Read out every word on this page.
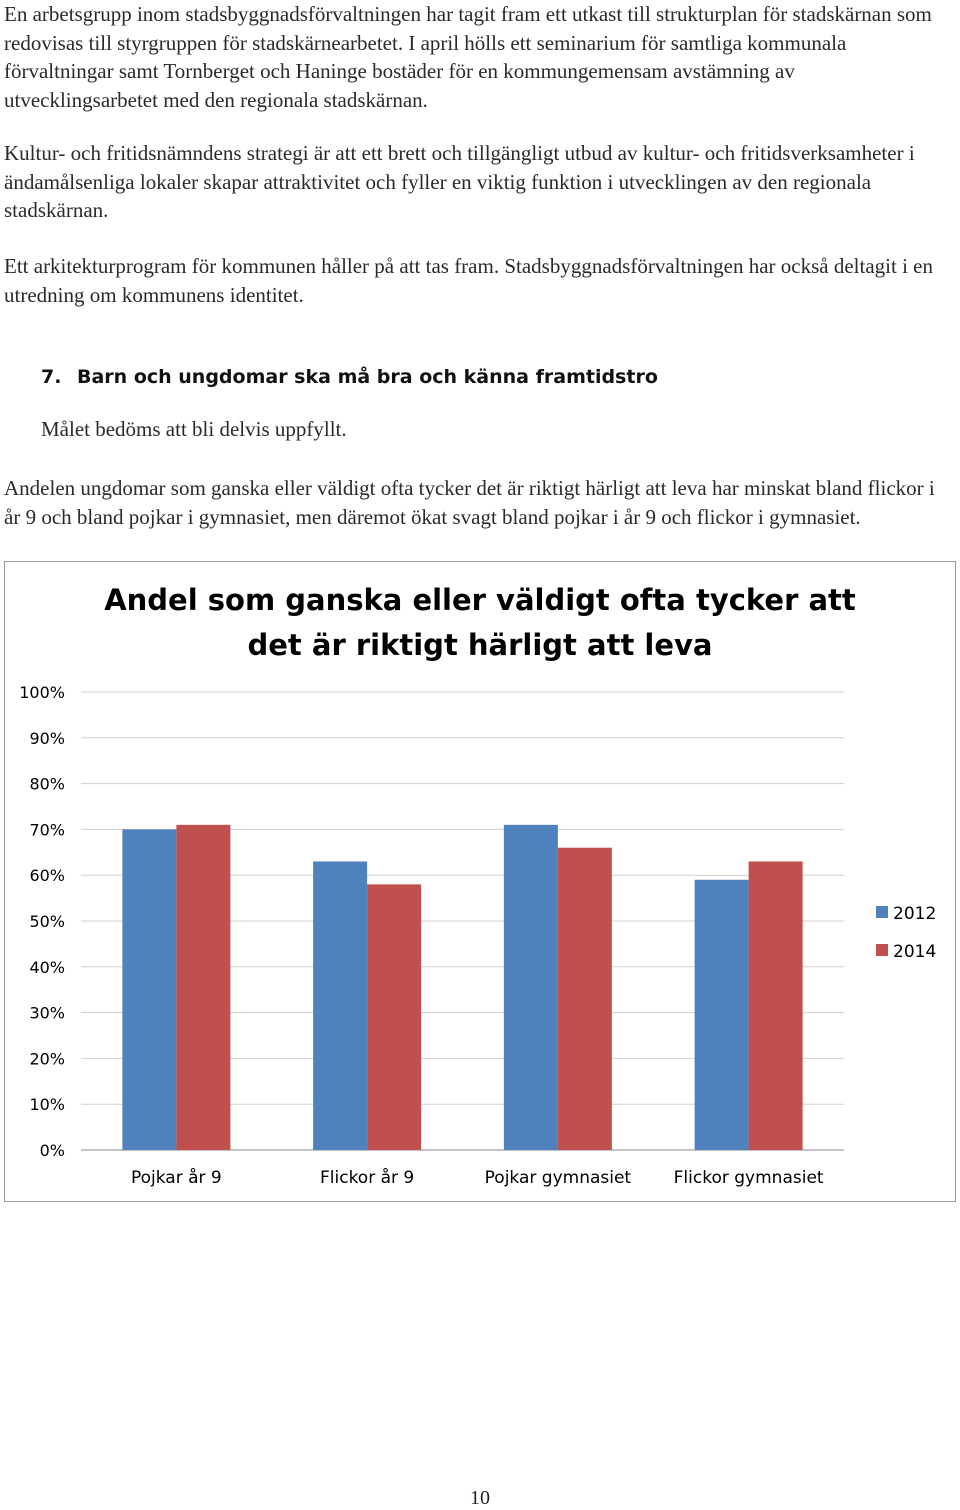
En arbetsgrupp inom stadsbyggnadsförvaltningen har tagit fram ett utkast till strukturplan för stadskärnan som redovisas till styrgruppen för stadskärnearbetet. I april hölls ett seminarium för samtliga kommunala förvaltningar samt Tornberget och Haninge bostäder för en kommungemensam avstämning av utvecklingsarbetet med den regionala stadskärnan.

Kultur- och fritidsnämndens strategi är att ett brett och tillgängligt utbud av kultur- och fritidsverksamheter i ändamålsenliga lokaler skapar attraktivitet och fyller en viktig funktion i utvecklingen av den regionala stadskärnan.

Ett arkitekturprogram för kommunen håller på att tas fram. Stadsbyggnadsförvaltningen har också deltagit i en utredning om kommunens identitet.

7. Barn och ungdomar ska må bra och känna framtidstro

Målet bedöms att bli delvis uppfyllt.

Andelen ungdomar som ganska eller väldigt ofta tycker det är riktigt härligt att leva har minskat bland flickor i år 9 och bland pojkar i gymnasiet, men däremot ökat svagt bland pojkar i år 9 och flickor i gymnasiet.

Andel som ganska eller väldigt ofta tycker att
det är riktigt härligt att leva
0%
10%
20%
30%
40%
50%
60%
70%
80%
90%
100%
Pojkar år 9	Flickor år 9	Pojkar gymnasiet	Flickor gymnasiet
2012
2014

10
